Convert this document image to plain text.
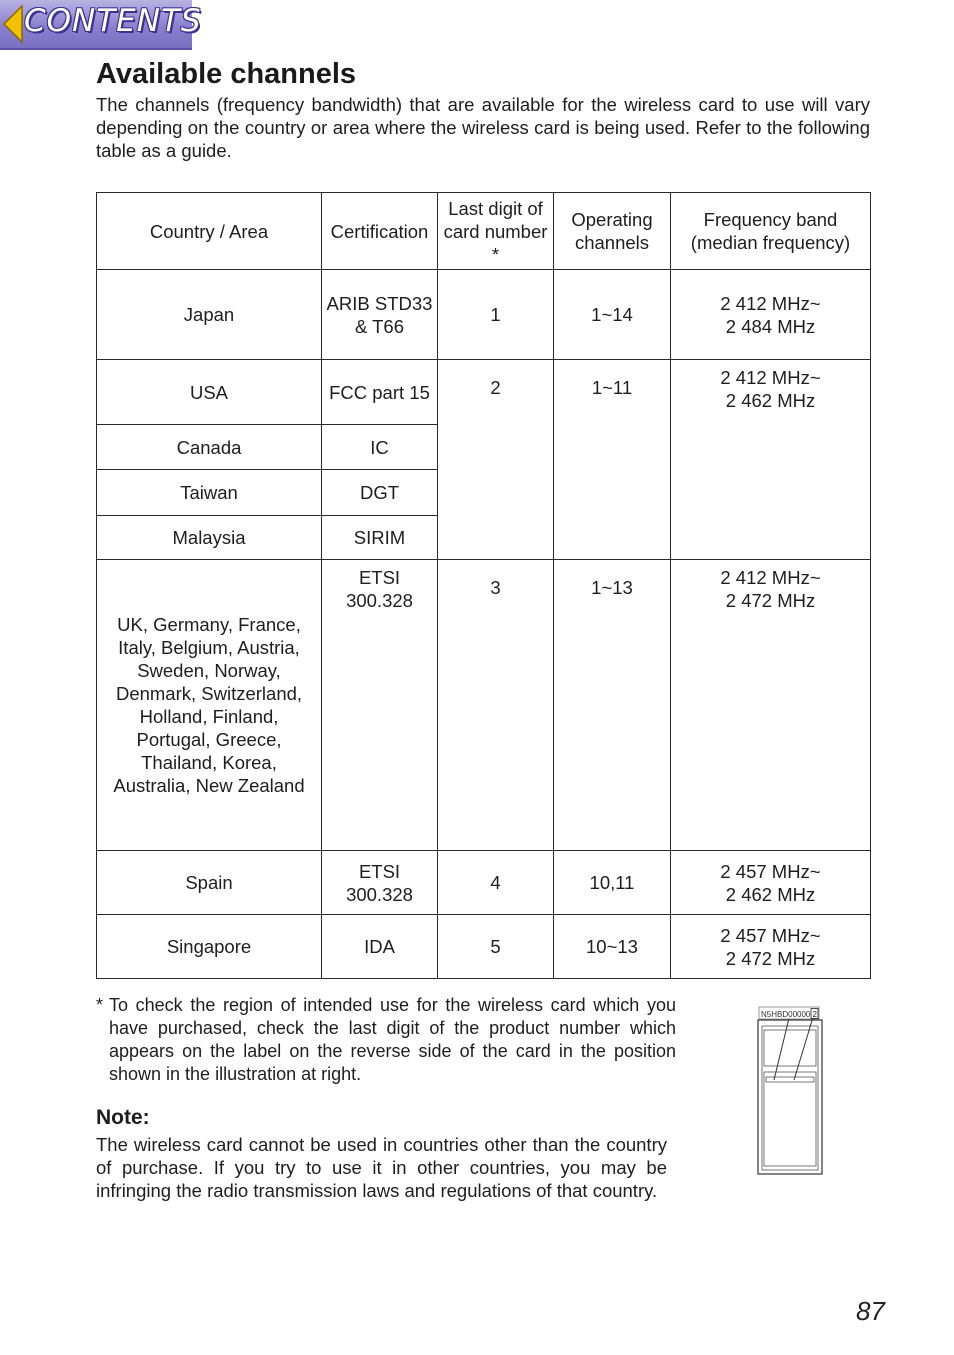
CONTENTS
Available channels

The channels (frequency bandwidth) that are available for the wireless card to use will vary depending on the country or area where the wireless card is being used. Refer to the following table as a guide.

Country / Area	Certification	Last digit of card number *	Operating channels	Frequency band (median frequency)
Japan	ARIB STD33 & T66	1	1~14	2 412 MHz~
2 484 MHz

USA	FCC part 15	2	1~11	2 412 MHz~
2 462 MHz

Canada	IC			
Taiwan	DGT			
Malaysia	SIRIM			
UK, Germany, France, Italy, Belgium, Austria, Sweden, Norway, Denmark, Switzerland, Holland, Finland, Portugal, Greece, Thailand, Korea, Australia, New Zealand	ETSI 300.328	3	1~13	2 412 MHz~
2 472 MHz

Spain	ETSI 300.328	4	10,11	2 457 MHz~
2 462 MHz

Singapore	IDA	5	10~13	2 457 MHz~
2 472 MHz
* To check the region of intended use for the wireless card which you have purchased, check the last digit of the product number which appears on the label on the reverse side of the card in the position shown in the illustration at right.
Note:

The wireless card cannot be used in countries other than the country of purchase. If you try to use it in other countries, you may be infringing the radio transmission laws and regulations of that country.

N5HBD00000 2
87
